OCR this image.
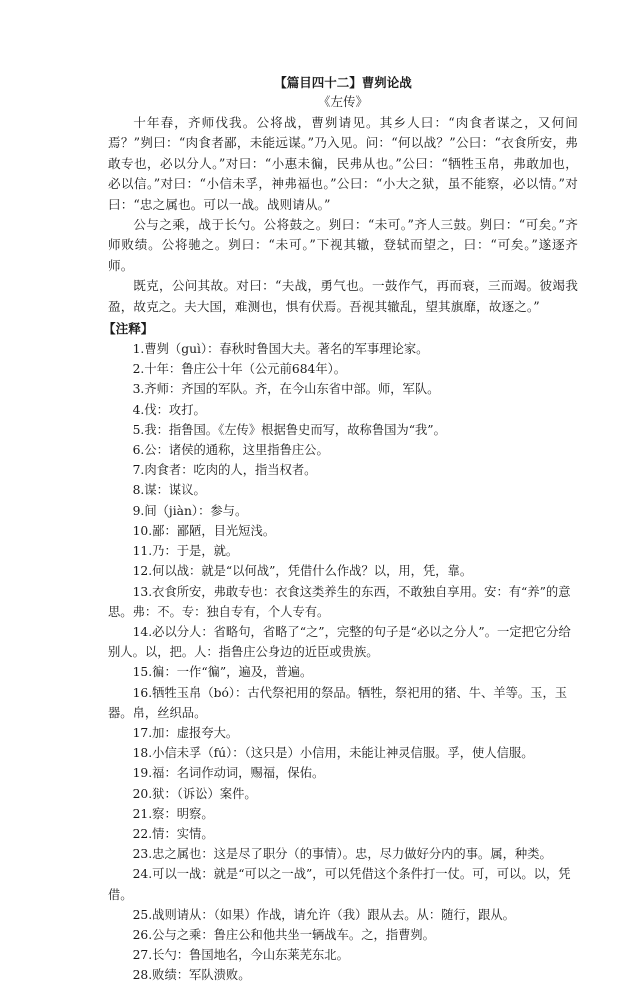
【篇目四十二】曹刿论战
《左传》

十年春，齐师伐我。公将战，曹刿请见。其乡人曰：“肉食者谋之，又何间焉？”刿曰：“肉食者鄙，未能远谋。”乃入见。问：“何以战？”公曰：“衣食所安，弗敢专也，必以分人。”对曰：“小惠未徧，民弗从也。”公曰：“牺牲玉帛，弗敢加也，必以信。”对曰：“小信未孚，神弗福也。”公曰：“小大之狱，虽不能察，必以情。”对曰：“忠之属也。可以一战。战则请从。”

公与之乘，战于长勺。公将鼓之。刿曰：“未可。”齐人三鼓。刿曰：“可矣。”齐师败绩。公将驰之。刿曰：“未可。”下视其辙，登轼而望之，曰：“可矣。”遂逐齐师。

既克，公问其故。对曰：“夫战，勇气也。一鼓作气，再而衰，三而竭。彼竭我盈，故克之。夫大国，难测也，惧有伏焉。吾视其辙乱，望其旗靡，故逐之。”

【注释】
1.曹刿（guì）：春秋时鲁国大夫。著名的军事理论家。
2.十年：鲁庄公十年（公元前684年）。
3.齐师：齐国的军队。齐，在今山东省中部。师，军队。
4.伐：攻打。
5.我：指鲁国。《左传》根据鲁史而写，故称鲁国为“我”。
6.公：诸侯的通称，这里指鲁庄公。
7.肉食者：吃肉的人，指当权者。
8.谋：谋议。
9.间（jiàn）：参与。
10.鄙：鄙陋，目光短浅。
11.乃：于是，就。
12.何以战：就是“以何战”，凭借什么作战？以，用，凭，靠。
13.衣食所安，弗敢专也：衣食这类养生的东西，不敢独自享用。安：有“养”的意思。弗：不。专：独自专有，个人专有。
14.必以分人：省略句，省略了“之”，完整的句子是“必以之分人”。一定把它分给别人。以，把。人：指鲁庄公身边的近臣或贵族。
15.徧：一作“徧”，遍及，普遍。
16.牺牲玉帛（bó）：古代祭祀用的祭品。牺牲，祭祀用的猪、牛、羊等。玉，玉器。帛，丝织品。
17.加：虚报夸大。
18.小信未孚（fú）：（这只是）小信用，未能让神灵信服。孚，使人信服。
19.福：名词作动词，赐福，保佑。
20.狱：（诉讼）案件。
21.察：明察。
22.情：实情。
23.忠之属也：这是尽了职分（的事情）。忠，尽力做好分内的事。属，种类。
24.可以一战：就是“可以之一战”，可以凭借这个条件打一仗。可，可以。以，凭借。
25.战则请从：（如果）作战，请允许（我）跟从去。从：随行，跟从。
26.公与之乘：鲁庄公和他共坐一辆战车。之，指曹刿。
27.长勺：鲁国地名，今山东莱芜东北。
28.败绩：军队溃败。
